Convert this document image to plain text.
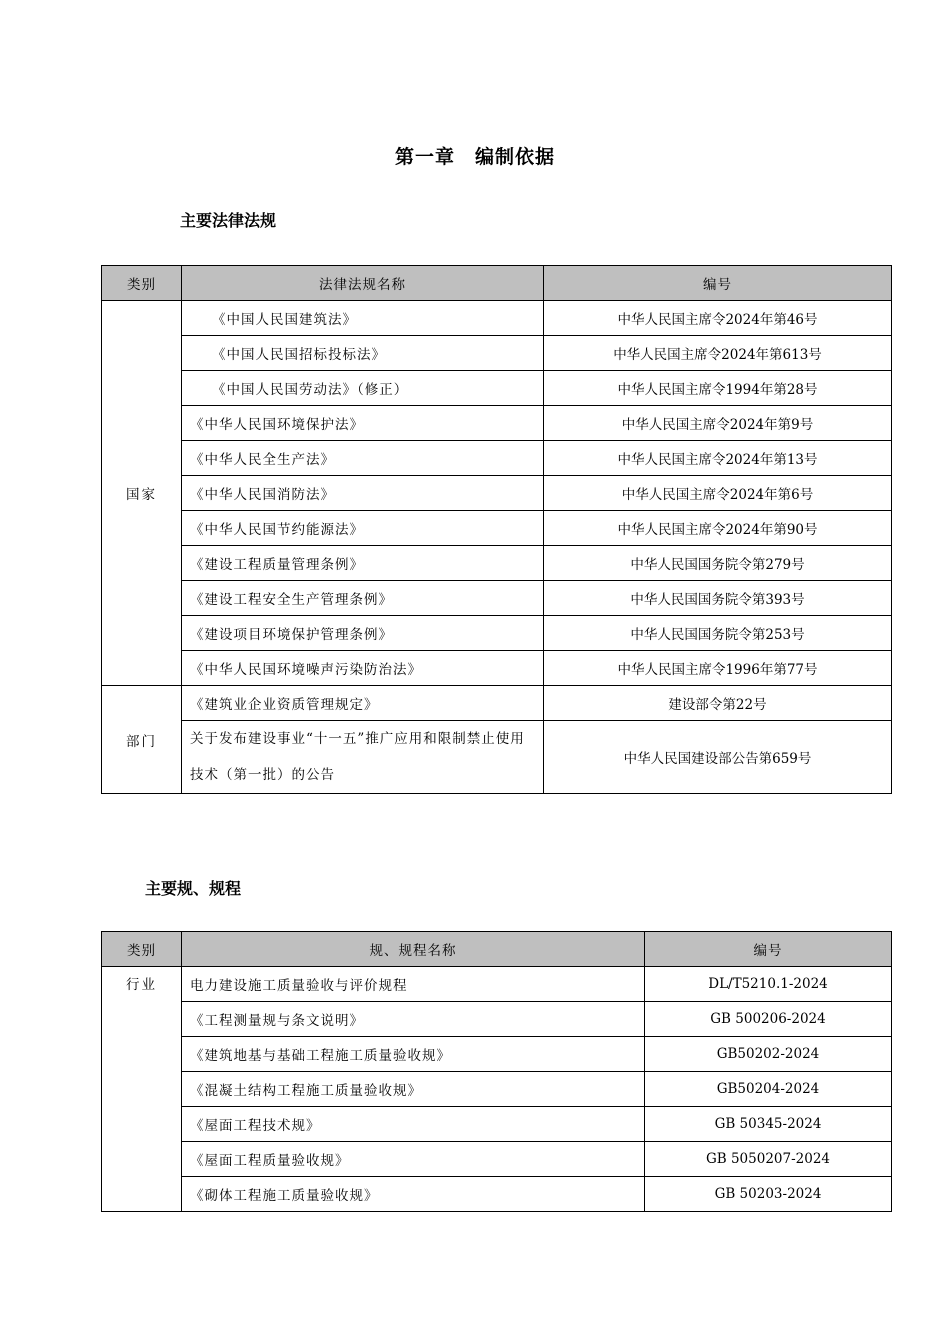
第一章　编制依据
主要法律法规
类别	法律法规名称	编号
国家	《中国人民国建筑法》	中华人民国主席令2024年第46号
	《中国人民国招标投标法》	中华人民国主席令2024年第613号
	《中国人民国劳动法》（修正）	中华人民国主席令1994年第28号
	《中华人民国环境保护法》	中华人民国主席令2024年第9号
	《中华人民全生产法》	中华人民国主席令2024年第13号
	《中华人民国消防法》	中华人民国主席令2024年第6号
	《中华人民国节约能源法》	中华人民国主席令2024年第90号
	《建设工程质量管理条例》	中华人民国国务院令第279号
	《建设工程安全生产管理条例》	中华人民国国务院令第393号
	《建设项目环境保护管理条例》	中华人民国国务院令第253号
	《中华人民国环境噪声污染防治法》	中华人民国主席令1996年第77号
部门	《建筑业企业资质管理规定》	建设部令第22号
	关于发布建设事业“十一五”推广应用和限制禁止使用技术（第一批）的公告	中华人民国建设部公告第659号
主要规、规程
类别	规、规程名称	编号
行业	电力建设施工质量验收与评价规程	DL/T5210.1-2024
	《工程测量规与条文说明》	GB 500206-2024
	《建筑地基与基础工程施工质量验收规》	GB50202-2024
	《混凝土结构工程施工质量验收规》	GB50204-2024
	《屋面工程技术规》	GB 50345-2024
	《屋面工程质量验收规》	GB 5050207-2024
	《砌体工程施工质量验收规》	GB 50203-2024
